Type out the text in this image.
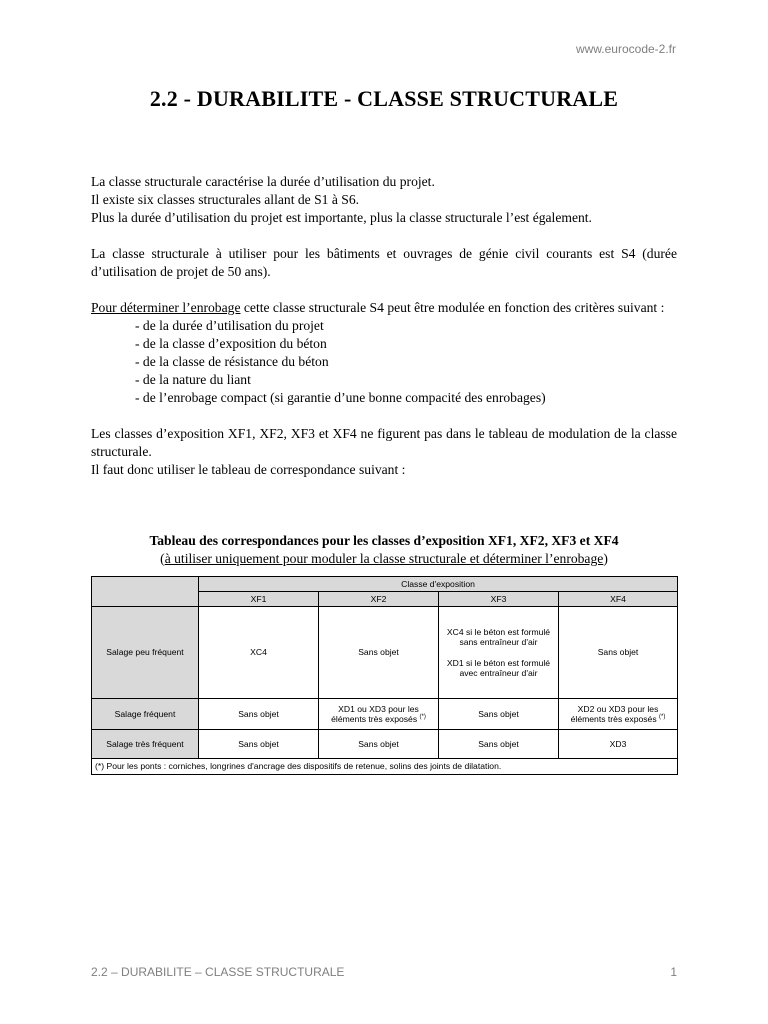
www.eurocode-2.fr
2.2 - DURABILITE - CLASSE STRUCTURALE

La classe structurale caractérise la durée d’utilisation du projet.

Il existe six classes structurales allant de S1 à S6.

Plus la durée d’utilisation du projet est importante, plus la classe structurale l’est également.

La classe structurale à utiliser pour les bâtiments et ouvrages de génie civil courants est S4 (durée d’utilisation de projet de 50 ans).

Pour déterminer l’enrobage cette classe structurale S4 peut être modulée en fonction des critères suivant :

- de la durée d’utilisation du projet
- de la classe d’exposition du béton
- de la classe de résistance du béton
- de la nature du liant
- de l’enrobage compact (si garantie d’une bonne compacité des enrobages)

Les classes d’exposition XF1, XF2, XF3 et XF4 ne figurent pas dans le tableau de modulation de la classe structurale.

Il faut donc utiliser le tableau de correspondance suivant :

Tableau des correspondances pour les classes d’exposition XF1, XF2, XF3 et XF4

(à utiliser uniquement pour moduler la classe structurale et déterminer l’enrobage)

	Classe d'exposition			
	XF1	XF2	XF3	XF4
Salage peu fréquent	XC4	Sans objet	XC4 si le béton est formulé sans entraîneur d'air
XD1 si le béton est formulé avec entraîneur d'air	Sans objet
Salage fréquent	Sans objet	XD1 ou XD3 pour les éléments très exposés (*)	Sans objet	XD2 ou XD3 pour les éléments très exposés (*)
Salage très fréquent	Sans objet	Sans objet	Sans objet	XD3
(*) Pour les ponts : corniches, longrines d'ancrage des dispositifs de retenue, solins des joints de dilatation.				
2.2 – DURABILITE – CLASSE STRUCTURALE	1
